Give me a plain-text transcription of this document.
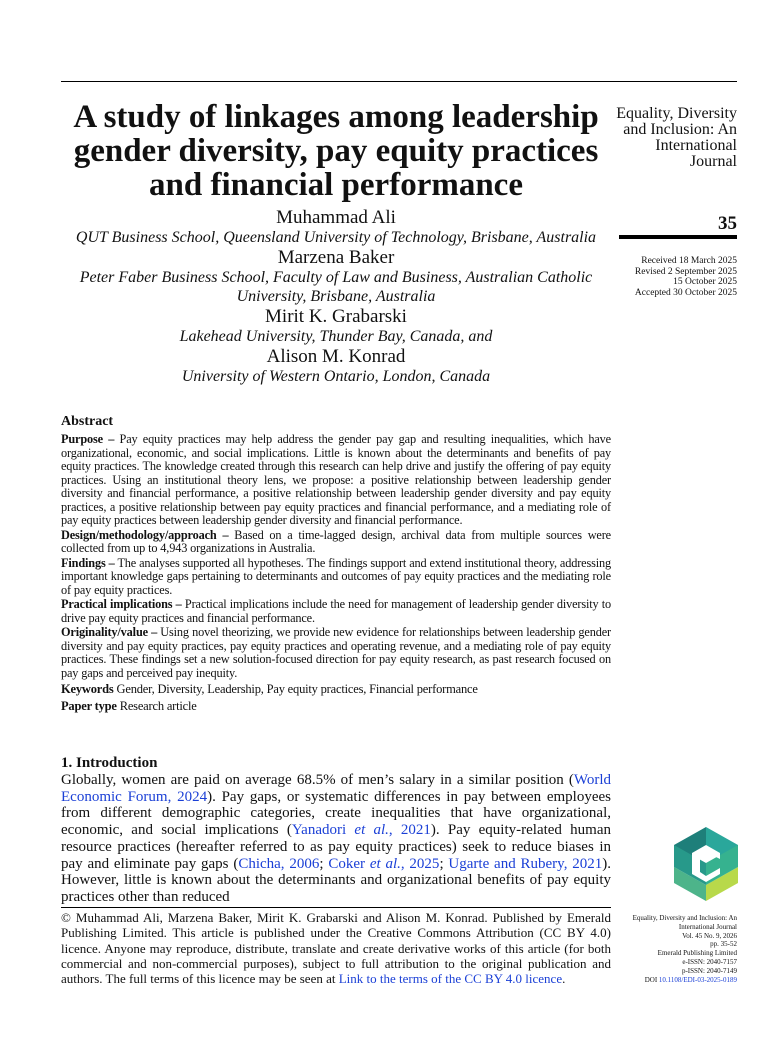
A study of linkages among leadership gender diversity, pay equity practices and financial performance
Muhammad Ali
QUT Business School, Queensland University of Technology, Brisbane, Australia
Marzena Baker
Peter Faber Business School, Faculty of Law and Business, Australian Catholic University, Brisbane, Australia
Mirit K. Grabarski
Lakehead University, Thunder Bay, Canada, and
Alison M. Konrad
University of Western Ontario, London, Canada
Equality, Diversity and Inclusion: An International Journal
35
Received 18 March 2025
Revised 2 September 2025
15 October 2025
Accepted 30 October 2025
Abstract

Purpose – Pay equity practices may help address the gender pay gap and resulting inequalities, which have organizational, economic, and social implications. Little is known about the determinants and benefits of pay equity practices. The knowledge created through this research can help drive and justify the offering of pay equity practices. Using an institutional theory lens, we propose: a positive relationship between leadership gender diversity and financial performance, a positive relationship between leadership gender diversity and pay equity practices, a positive relationship between pay equity practices and financial performance, and a mediating role of pay equity practices between leadership gender diversity and financial performance.

Design/methodology/approach – Based on a time-lagged design, archival data from multiple sources were collected from up to 4,943 organizations in Australia.

Findings – The analyses supported all hypotheses. The findings support and extend institutional theory, addressing important knowledge gaps pertaining to determinants and outcomes of pay equity practices and the mediating role of pay equity practices.

Practical implications – Practical implications include the need for management of leadership gender diversity to drive pay equity practices and financial performance.

Originality/value – Using novel theorizing, we provide new evidence for relationships between leadership gender diversity and pay equity practices, pay equity practices and operating revenue, and a mediating role of pay equity practices. These findings set a new solution-focused direction for pay equity research, as past research focused on pay gaps and perceived pay inequity.

Keywords Gender, Diversity, Leadership, Pay equity practices, Financial performance
Paper type Research article
1. Introduction

Globally, women are paid on average 68.5% of men’s salary in a similar position (World Economic Forum, 2024). Pay gaps, or systematic differences in pay between employees from different demographic categories, create inequalities that have organizational, economic, and social implications (Yanadori et al., 2021). Pay equity-related human resource practices (hereafter referred to as pay equity practices) seek to reduce biases in pay and eliminate pay gaps (Chicha, 2006; Coker et al., 2025; Ugarte and Rubery, 2021). However, little is known about the determinants and organizational benefits of pay equity practices other than reduced

© Muhammad Ali, Marzena Baker, Mirit K. Grabarski and Alison M. Konrad. Published by Emerald Publishing Limited. This article is published under the Creative Commons Attribution (CC BY 4.0) licence. Anyone may reproduce, distribute, translate and create derivative works of this article (for both commercial and non-commercial purposes), subject to full attribution to the original publication and authors. The full terms of this licence may be seen at Link to the terms of the CC BY 4.0 licence.
Equality, Diversity and Inclusion: An
International Journal
Vol. 45 No. 9, 2026
pp. 35-52
Emerald Publishing Limited
e-ISSN: 2040-7157
p-ISSN: 2040-7149
DOI 10.1108/EDI-03-2025-0189
